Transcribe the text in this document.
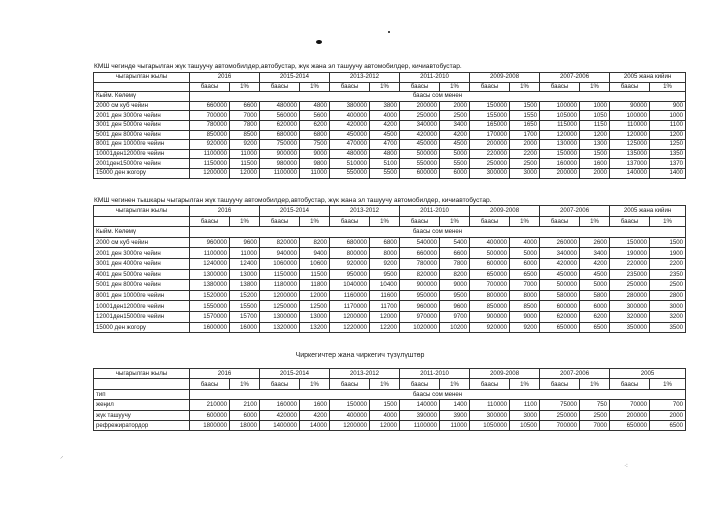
⸝
⁖
КМШ чегинде чыгарылган жүк ташуучу автомобилдер,автобустар, жүк жана эл ташуучу автомобилдер, кичиавтобустар.
чыгарылган жылы	2016		2015-2014		2013-2012		2011-2010		2009-2008		2007-2006		2005 жана кийин	
	баасы	1%	баасы	1%	баасы	1%	баасы	1%	баасы	1%	баасы	1%	баасы	1%
Кыйм. Көлөмү	баасы сом менен													
2000 см куб чейин	660000	6600	480000	4800	380000	3800	200000	2000	150000	1500	100000	1000	90000	900
2001 ден 3000ге чейин	700000	7000	560000	5600	400000	4000	250000	2500	155000	1550	105000	1050	100000	1000
3001 ден 5000ге чейин	780000	7800	620000	6200	420000	4200	340000	3400	165000	1650	115000	1150	110000	1100
5001 ден 8000ге чейин	850000	8500	680000	6800	450000	4500	420000	4200	170000	1700	120000	1200	120000	1200
8001 ден 10000ге чейин	920000	9200	750000	7500	470000	4700	450000	4500	200000	2000	130000	1300	125000	1250
10001ден12000ге чейин	1100000	11000	900000	9000	480000	4800	500000	5000	220000	2200	150000	1500	135000	1350
2001ден15000ге чейин	1150000	11500	980000	9800	510000	5100	550000	5500	250000	2500	160000	1600	137000	1370
15000 ден жогору	1200000	12000	1100000	11000	550000	5500	600000	6000	300000	3000	200000	2000	140000	1400
КМШ чегинен тышкары чыгарылган жүк ташуучу автомобилдер,автобустар, жүк жана эл ташуучу автомобилдер, кичиавтобустар.
чыгарылган жылы	2016		2015-2014		2013-2012		2011-2010		2009-2008		2007-2006		2005 жана кийин	
	баасы	1%	баасы	1%	баасы	1%	баасы	1%	баасы	1%	баасы	1%	баасы	1%
Кыйм. Көлөмү	баасы сом менен													
2000 см куб чейин	960000	9600	820000	8200	680000	6800	540000	5400	400000	4000	260000	2600	150000	1500
2001 ден 3000ге чейин	1100000	11000	940000	9400	800000	8000	660000	6600	500000	5000	340000	3400	190000	1900
3001 ден 4000ге чейин	1240000	12400	1060000	10600	920000	9200	780000	7800	600000	6000	420000	4200	220000	2200
4001 ден 5000ге чейин	1300000	13000	1150000	11500	950000	9500	820000	8200	650000	6500	450000	4500	235000	2350
5001 ден 8000ге чейин	1380000	13800	1180000	11800	1040000	10400	900000	9000	700000	7000	500000	5000	250000	2500
8001 ден 10000ге чейин	1520000	15200	1200000	12000	1160000	11600	950000	9500	800000	8000	580000	5800	280000	2800
10001ден12000ге чейин	1550000	15500	1250000	12500	1170000	11700	960000	9600	850000	8500	600000	6000	300000	3000
12001ден15000ге чейин	1570000	15700	1300000	13000	1200000	12000	970000	9700	900000	9000	620000	6200	320000	3200
15000 ден жогору	1600000	16000	1320000	13200	1220000	12200	1020000	10200	920000	9200	650000	6500	350000	3500
Чиркегичтер жана чиркегич түзүлүштөр
чыгарылган жылы	2016		2015-2014		2013-2012		2011-2010		2009-2008		2007-2006		2005	
	баасы	1%	баасы	1%	баасы	1%	баасы	1%	баасы	1%	баасы	1%	баасы	1%
тип	баасы сом менен													
жеңил	210000	2100	160000	1600	150000	1500	140000	1400	110000	1100	75000	750	70000	700
жүк ташуучу	600000	6000	420000	4200	400000	4000	390000	3900	300000	3000	250000	2500	200000	2000
рефрежиратордор	1800000	18000	1400000	14000	1200000	12000	1100000	11000	1050000	10500	700000	7000	650000	6500
